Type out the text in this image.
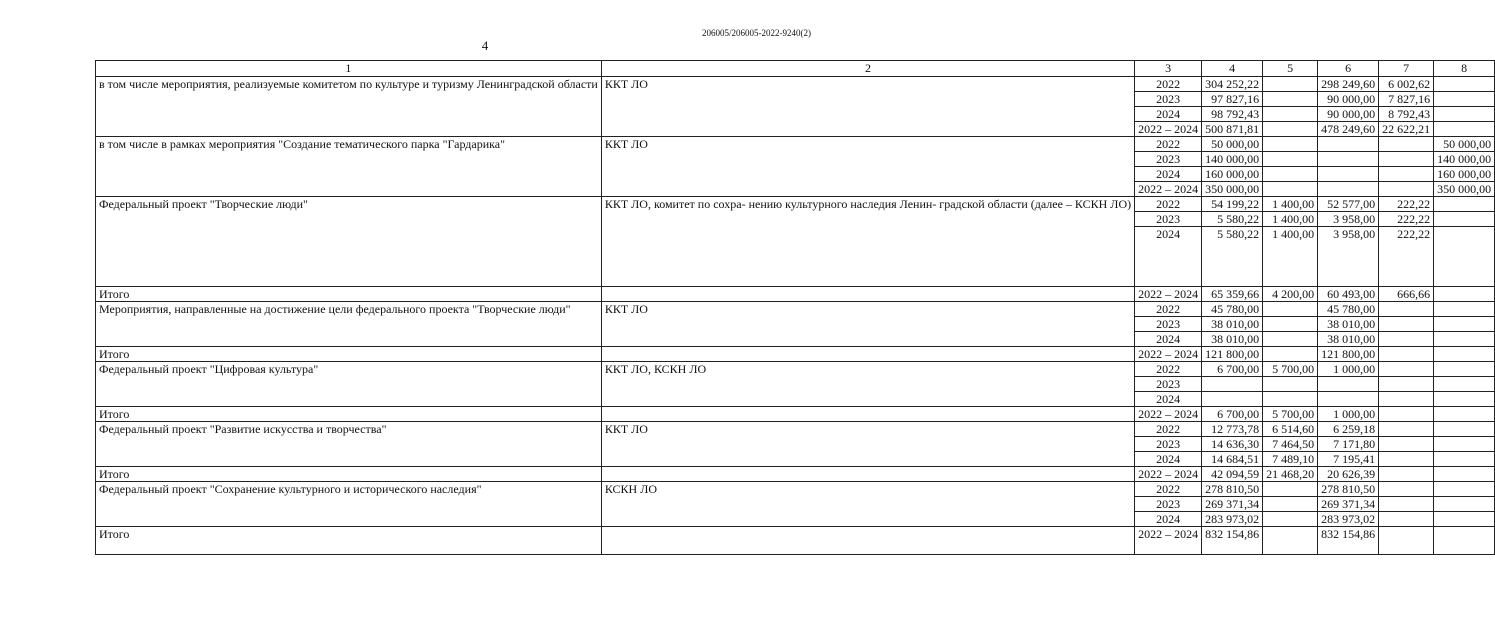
206005/206005-2022-9240(2)
4
1	2	3	4	5	6	7	8
в том числе мероприятия, реализуемые комитетом по культуре и туризму Ленинградской области	ККТ ЛО	2022	304 252,22		298 249,60	6 002,62	
		2023	97 827,16		90 000,00	7 827,16	
		2024	98 792,43		90 000,00	8 792,43	
		2022 – 2024	500 871,81		478 249,60	22 622,21	
в том числе в рамках мероприятия "Создание тематического парка "Гардарика"	ККТ ЛО	2022	50 000,00				50 000,00
		2023	140 000,00				140 000,00
		2024	160 000,00				160 000,00
		2022 – 2024	350 000,00				350 000,00
Федеральный проект "Творческие люди"	ККТ ЛО, комитет по сохра- нению культурного наследия Ленин- градской области (далее – КСКН ЛО)	2022	54 199,22	1 400,00	52 577,00	222,22	
		2023	5 580,22	1 400,00	3 958,00	222,22	
		2024	5 580,22	1 400,00	3 958,00	222,22	
Итого		2022 – 2024	65 359,66	4 200,00	60 493,00	666,66	
Мероприятия, направленные на достижение цели федерального проекта "Творческие люди"	ККТ ЛО	2022	45 780,00		45 780,00		
		2023	38 010,00		38 010,00		
		2024	38 010,00		38 010,00		
Итого		2022 – 2024	121 800,00		121 800,00		
Федеральный проект "Цифровая культура"	ККТ ЛО, КСКН ЛО	2022	6 700,00	5 700,00	1 000,00		
		2023					
		2024					
Итого		2022 – 2024	6 700,00	5 700,00	1 000,00		
Федеральный проект "Развитие искусства и творчества"	ККТ ЛО	2022	12 773,78	6 514,60	6 259,18		
		2023	14 636,30	7 464,50	7 171,80		
		2024	14 684,51	7 489,10	7 195,41		
Итого		2022 – 2024	42 094,59	21 468,20	20 626,39		
Федеральный проект "Сохранение культурного и исторического наследия"	КСКН ЛО	2022	278 810,50		278 810,50		
		2023	269 371,34		269 371,34		
		2024	283 973,02		283 973,02		
Итого		2022 – 2024	832 154,86		832 154,86		
